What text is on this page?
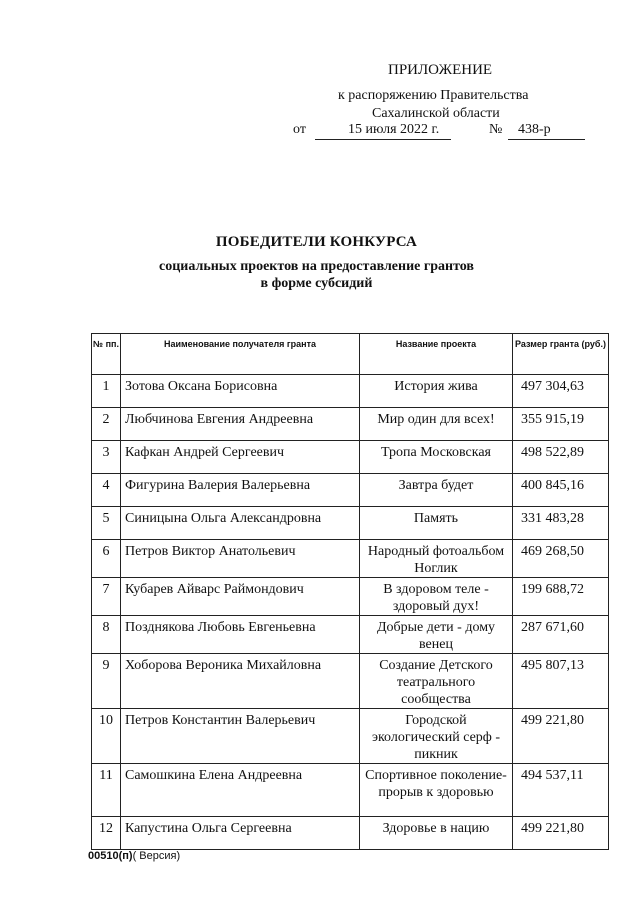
ПРИЛОЖЕНИЕ
к распоряжению Правительства
Сахалинской области
от	15 июля 2022 г.	№ 438-р
ПОБЕДИТЕЛИ КОНКУРСА
социальных проектов на предоставление грантов
в форме субсидий
№ пп.	Наименование получателя гранта	Название проекта	Размер гранта (руб.)
1	Зотова Оксана Борисовна	История жива	497 304,63
2	Любчинова Евгения Андреевна	Мир один для всех!	355 915,19
3	Кафкан Андрей Сергеевич	Тропа Московская	498 522,89
4	Фигурина Валерия Валерьевна	Завтра будет	400 845,16
5	Синицына Ольга Александровна	Память	331 483,28
6	Петров Виктор Анатольевич	Народный фотоальбом Ноглик	469 268,50
7	Кубарев Айварс Раймондович	В здоровом теле - здоровый дух!	199 688,72
8	Позднякова Любовь Евгеньевна	Добрые дети - дому венец	287 671,60
9	Хоборова Вероника Михайловна	Создание Детского театрального сообщества	495 807,13
10	Петров Константин Валерьевич	Городской экологический серф - пикник	499 221,80
11	Самошкина Елена Андреевна	Спортивное поколение-прорыв к здоровью	494 537,11
12	Капустина Ольга Сергеевна	Здоровье в нацию	499 221,80
00510(п)( Версия)
